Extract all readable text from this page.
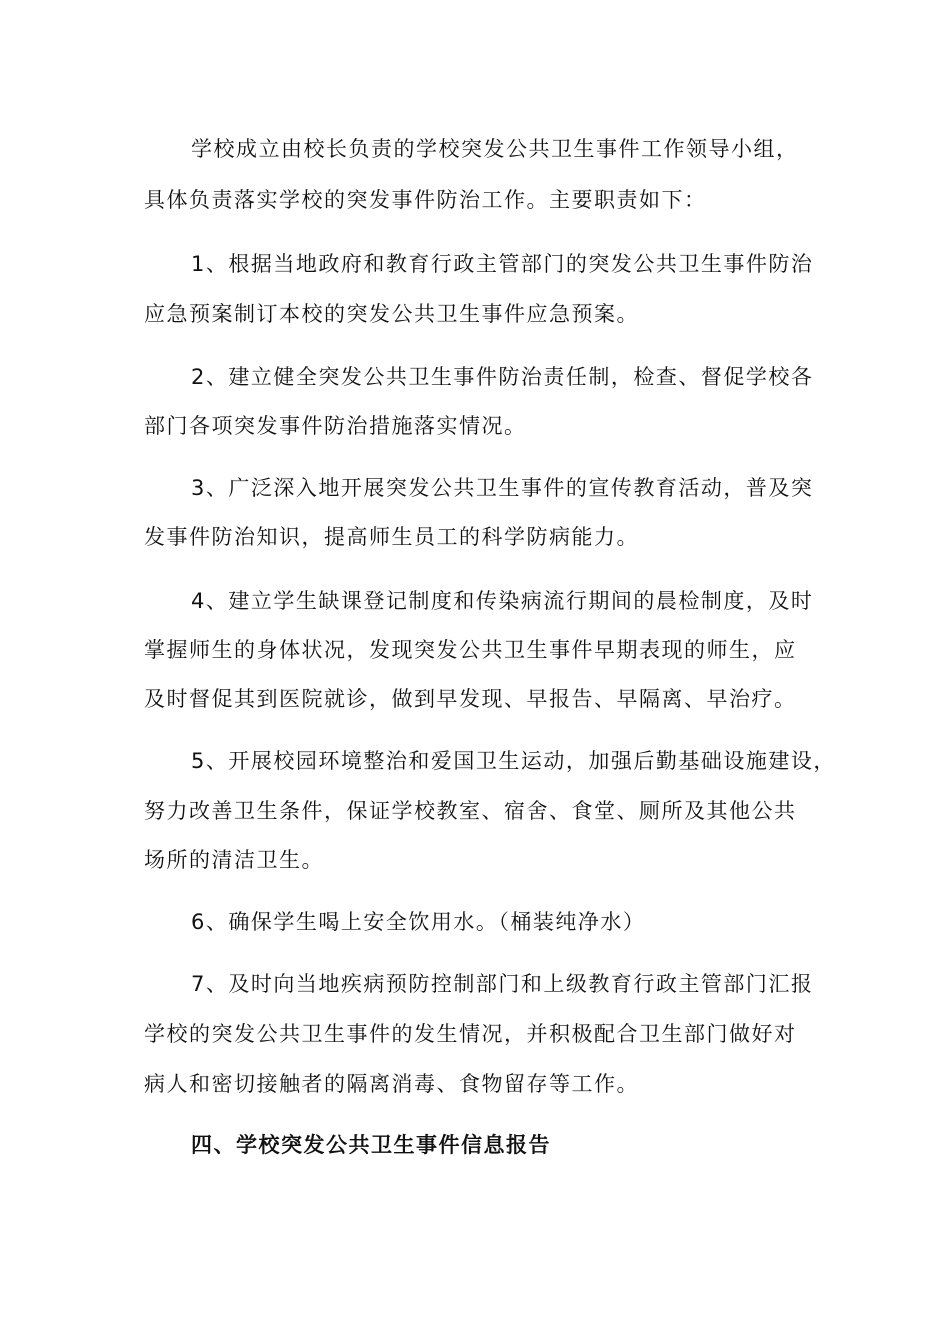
学校成立由校长负责的学校突发公共卫生事件工作领导小组，
具体负责落实学校的突发事件防治工作。主要职责如下：
1、根据当地政府和教育行政主管部门的突发公共卫生事件防治
应急预案制订本校的突发公共卫生事件应急预案。
2、建立健全突发公共卫生事件防治责任制，检查、督促学校各
部门各项突发事件防治措施落实情况。
3、广泛深入地开展突发公共卫生事件的宣传教育活动，普及突
发事件防治知识，提高师生员工的科学防病能力。
4、建立学生缺课登记制度和传染病流行期间的晨检制度，及时
掌握师生的身体状况，发现突发公共卫生事件早期表现的师生，应
及时督促其到医院就诊，做到早发现、早报告、早隔离、早治疗。
5、开展校园环境整治和爱国卫生运动，加强后勤基础设施建设，
努力改善卫生条件，保证学校教室、宿舍、食堂、厕所及其他公共
场所的清洁卫生。
6、确保学生喝上安全饮用水。（桶装纯净水）
7、及时向当地疾病预防控制部门和上级教育行政主管部门汇报
学校的突发公共卫生事件的发生情况，并积极配合卫生部门做好对
病人和密切接触者的隔离消毒、食物留存等工作。
四、学校突发公共卫生事件信息报告
